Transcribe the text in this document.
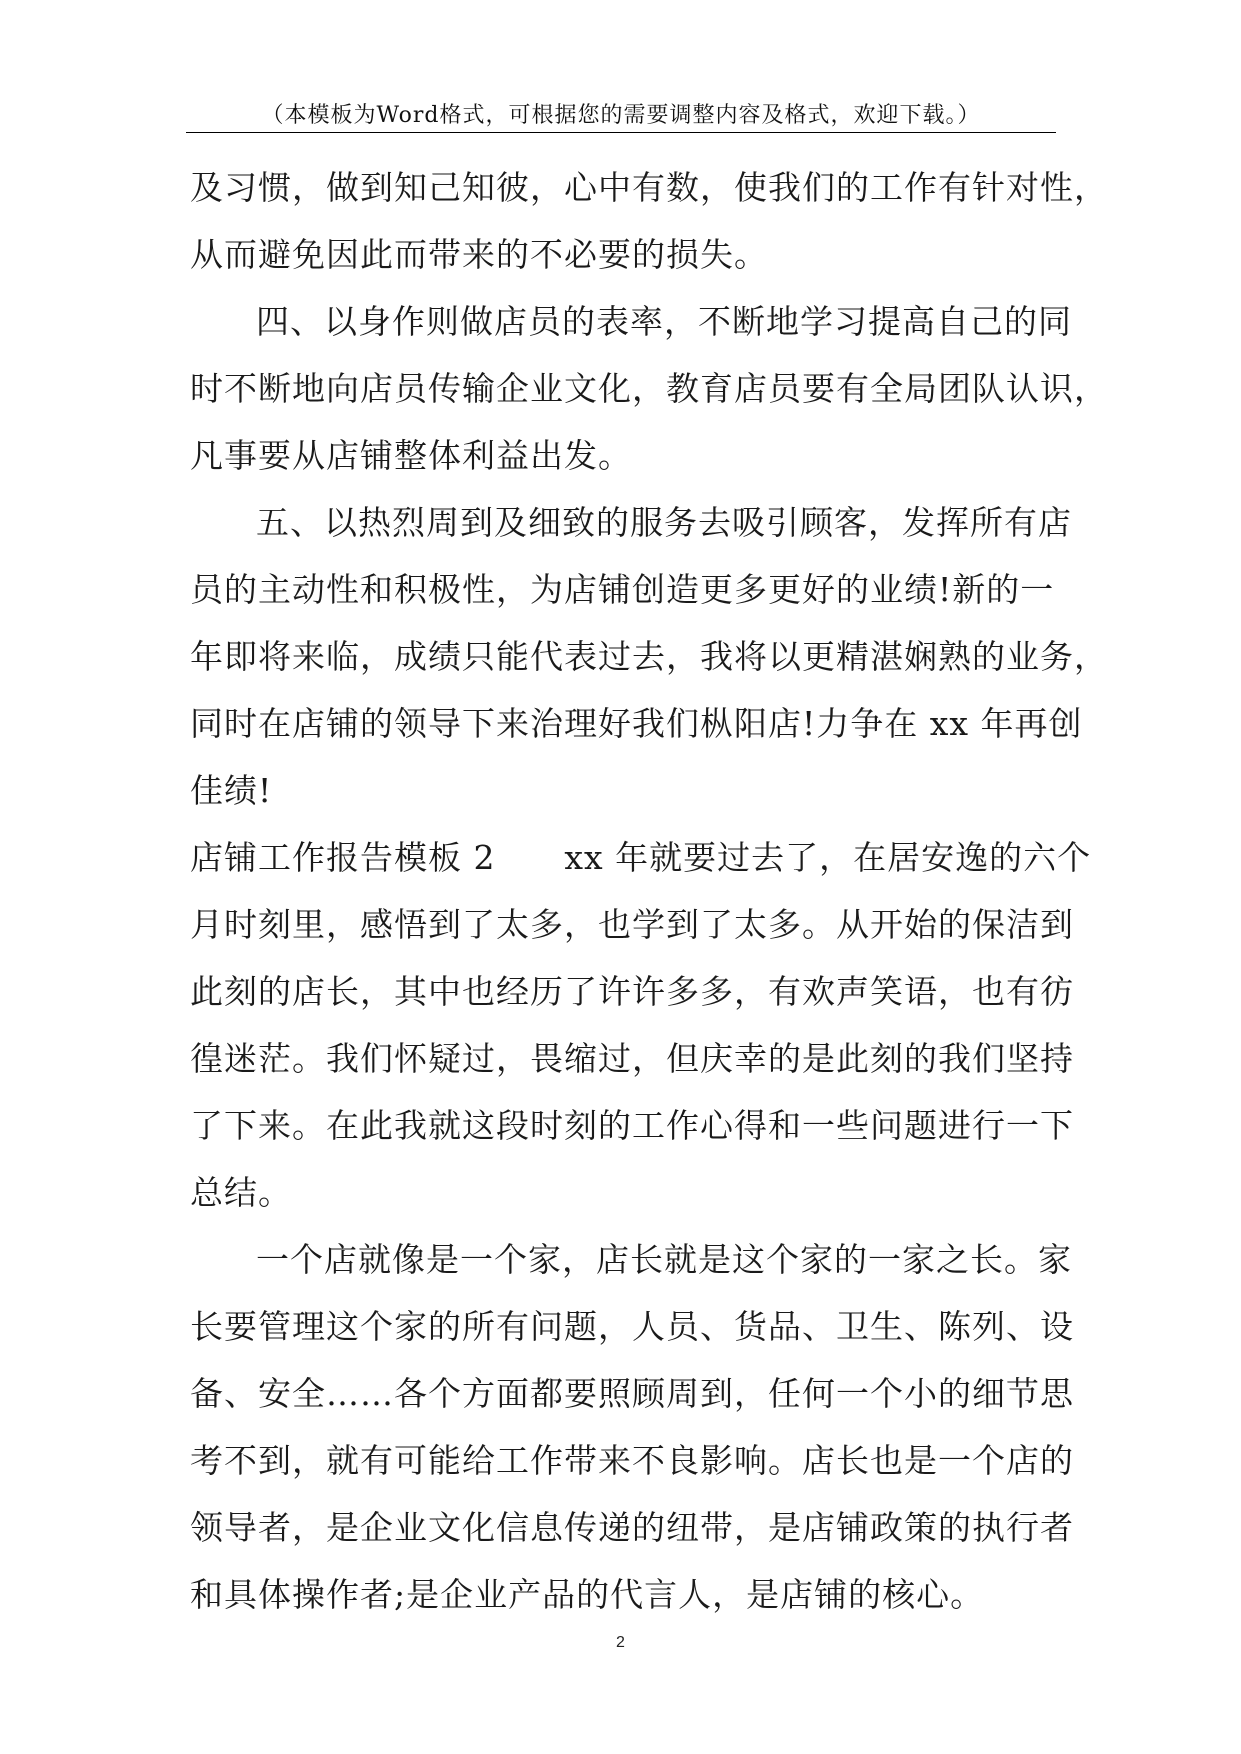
（本模板为Word格式，可根据您的需要调整内容及格式，欢迎下载。）
及习惯，做到知己知彼，心中有数，使我们的工作有针对性，
从而避免因此而带来的不必要的损失。
四、以身作则做店员的表率，不断地学习提高自己的同
时不断地向店员传输企业文化，教育店员要有全局团队认识，
凡事要从店铺整体利益出发。
五、以热烈周到及细致的服务去吸引顾客，发挥所有店
员的主动性和积极性，为店铺创造更多更好的业绩!新的一
年即将来临，成绩只能代表过去，我将以更精湛娴熟的业务，
同时在店铺的领导下来治理好我们枞阳店!力争在 xx 年再创
佳绩!
店铺工作报告模板 2      xx 年就要过去了，在居安逸的六个
月时刻里，感悟到了太多，也学到了太多。从开始的保洁到
此刻的店长，其中也经历了许许多多，有欢声笑语，也有彷
徨迷茫。我们怀疑过，畏缩过，但庆幸的是此刻的我们坚持
了下来。在此我就这段时刻的工作心得和一些问题进行一下
总结。
一个店就像是一个家，店长就是这个家的一家之长。家
长要管理这个家的所有问题，人员、货品、卫生、陈列、设
备、安全……各个方面都要照顾周到，任何一个小的细节思
考不到，就有可能给工作带来不良影响。店长也是一个店的
领导者，是企业文化信息传递的纽带，是店铺政策的执行者
和具体操作者;是企业产品的代言人，是店铺的核心。
2
